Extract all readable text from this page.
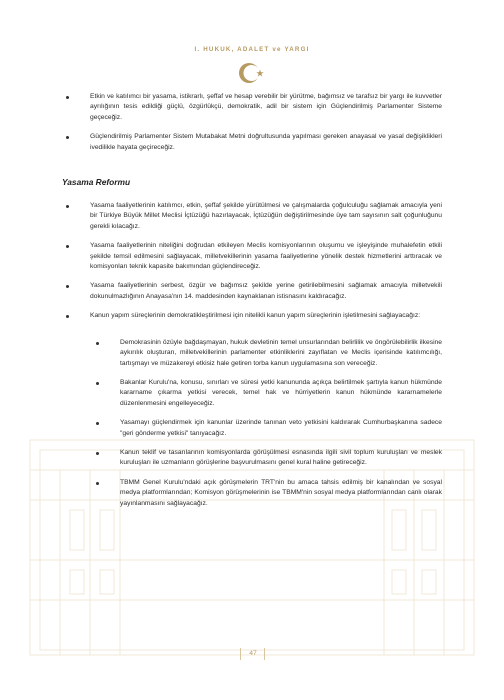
I. HUKUK, ADALET ve YARGI
Etkin ve katılımcı bir yasama, istikrarlı, şeffaf ve hesap verebilir bir yürütme, bağımsız ve tarafsız bir yargı ile kuvvetler ayrılığının tesis edildiği güçlü, özgürlükçü, demokratik, adil bir sistem için Güçlendirilmiş Parlamenter Sisteme geçeceğiz.
Güçlendirilmiş Parlamenter Sistem Mutabakat Metni doğrultusunda yapılması gereken anayasal ve yasal değişiklikleri ivedilikle hayata geçireceğiz.
Yasama Reformu
Yasama faaliyetlerinin katılımcı, etkin, şeffaf şekilde yürütülmesi ve çalışmalarda çoğulculuğu sağlamak amacıyla yeni bir Türkiye Büyük Millet Meclisi İçtüzüğü hazırlayacak, İçtüzüğün değiştirilmesinde üye tam sayısının salt çoğunluğunu gerekli kılacağız.
Yasama faaliyetlerinin niteliğini doğrudan etkileyen Meclis komisyonlarının oluşumu ve işleyişinde muhalefetin etkili şekilde temsil edilmesini sağlayacak, milletvekillerinin yasama faaliyetlerine yönelik destek hizmetlerini arttıracak ve komisyonları teknik kapasite bakımından güçlendireceğiz.
Yasama faaliyetlerinin serbest, özgür ve bağımsız şekilde yerine getirilebilmesini sağlamak amacıyla milletvekili dokunulmazlığının Anayasa'nın 14. maddesinden kaynaklanan istisnasını kaldıracağız.
Kanun yapım süreçlerinin demokratikleştirilmesi için nitelikli kanun yapım süreçlerinin işletilmesini sağlayacağız:
Demokrasinin özüyle bağdaşmayan, hukuk devletinin temel unsurlarından belirlilik ve öngörülebilirlik ilkesine aykırılık oluşturan, milletvekillerinin parlamenter etkinliklerini zayıflatan ve Meclis içerisinde katılımcılığı, tartışmayı ve müzakereyi etkisiz hale getiren torba kanun uygulamasına son vereceğiz.
Bakanlar Kurulu'na, konusu, sınırları ve süresi yetki kanununda açıkça belirtilmek şartıyla kanun hükmünde kararname çıkarma yetkisi verecek, temel hak ve hürriyetlerin kanun hükmünde kararnamelerle düzenlenmesini engelleyeceğiz.
Yasamayı güçlendirmek için kanunlar üzerinde tanınan veto yetkisini kaldırarak Cumhurbaşkanına sadece "geri gönderme yetkisi" tanıyacağız.
Kanun teklif ve tasarılarının komisyonlarda görüşülmesi esnasında ilgili sivil toplum kuruluşları ve meslek kuruluşları ile uzmanların görüşlerine başvurulmasını genel kural haline getireceğiz.
TBMM Genel Kurulu'ndaki açık görüşmelerin TRT'nin bu amaca tahsis edilmiş bir kanalından ve sosyal medya platformlarından; Komisyon görüşmelerinin ise TBMM'nin sosyal medya platformlarından canlı olarak yayınlanmasını sağlayacağız.
47
